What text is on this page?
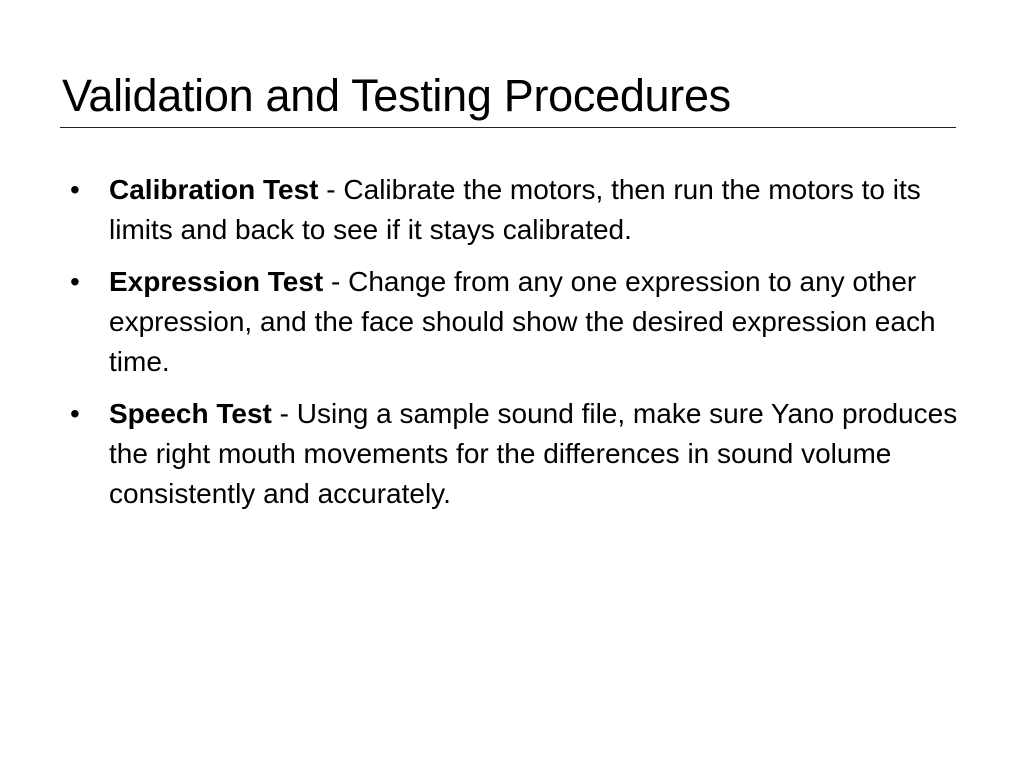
Validation and Testing Procedures
•	Calibration Test - Calibrate the motors, then run the motors to its limits and back to see if it stays calibrated.
•	Expression Test - Change from any one expression to any other expression, and the face should show the desired expression each time.
•	Speech Test - Using a sample sound file, make sure Yano produces the right mouth movements for the differences in sound volume consistently and accurately.
